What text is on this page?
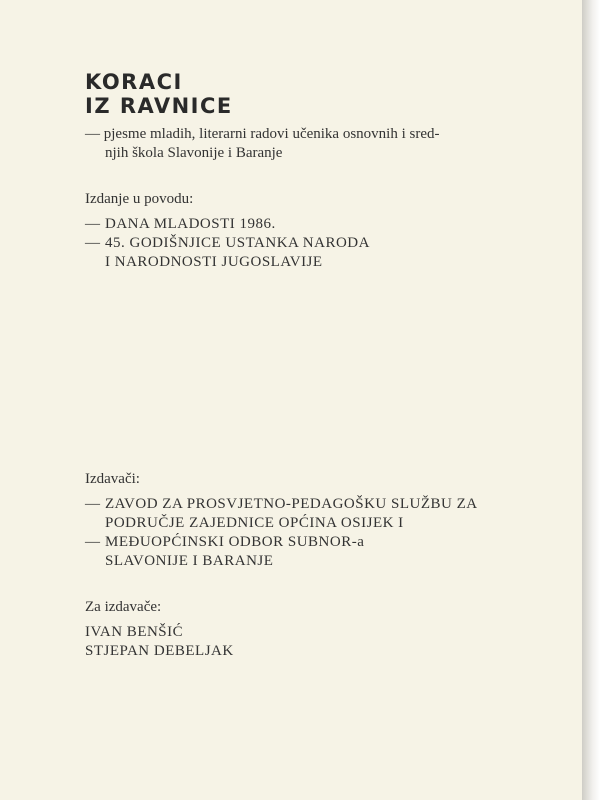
KORACI
IZ RAVNICE

— pjesme mladih, literarni radovi učenika osnovnih i sred-
njih škola Slavonije i Baranje

Izdanje u povodu:

— DANA MLADOSTI 1986.
— 45. GODIŠNJICE USTANKA NARODA
I NARODNOSTI JUGOSLAVIJE

Izdavači:

— ZAVOD ZA PROSVJETNO-PEDAGOŠKU SLUŽBU ZA
PODRUČJE ZAJEDNICE OPĆINA OSIJEK I
— MEĐUOPĆINSKI ODBOR SUBNOR-a
SLAVONIJE I BARANJE

Za izdavače:

IVAN BENŠIĆ
STJEPAN DEBELJAK
